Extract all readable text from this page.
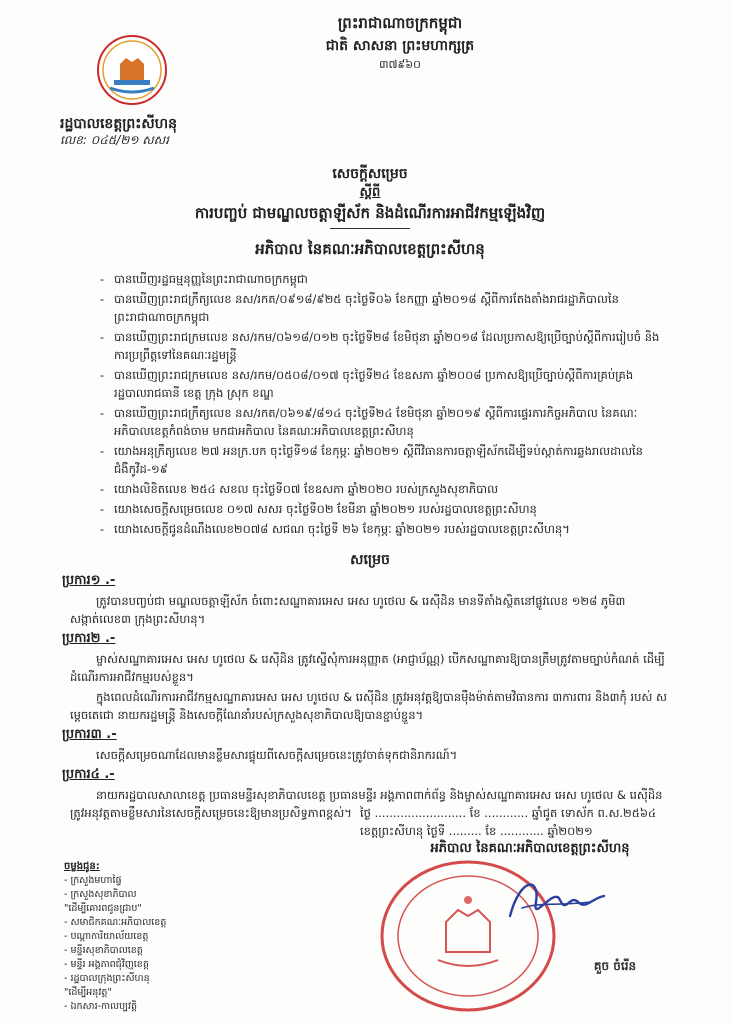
ព្រះរាជាណាចក្រកម្ពុជា
ជាតិ សាសនា ព្រះមហាក្សត្រ
៣៧៩៦០
រដ្ឋបាលខេត្តព្រះសីហនុ
លេខ: ០៤៥/២១ សសរ
សេចក្តីសម្រេច
ស្តីពី
ការបញ្ចប់ ជាមណ្ឌលចត្តាឡីស័ក និងដំណើរការអាជីវកម្មឡើងវិញ
អភិបាល នៃគណៈអភិបាលខេត្តព្រះសីហនុ
- បានឃើញរដ្ឋធម្មនុញ្ញនៃព្រះរាជាណាចក្រកម្ពុជា
- បានឃើញព្រះរាជក្រឹត្យលេខ នស/រកត/០៩១៨/៩២៥ ចុះថ្ងៃទី០៦ ខែកញ្ញា ឆ្នាំ២០១៨ ស្តីពីការតែងតាំងរាជរដ្ឋាភិបាលនៃព្រះរាជាណាចក្រកម្ពុជា
- បានឃើញព្រះរាជក្រមលេខ នស/រកម/០៦១៨/០១២ ចុះថ្ងៃទី២៨ ខែមិថុនា ឆ្នាំ២០១៨ ដែលប្រកាសឱ្យប្រើច្បាប់ស្តីពីការរៀបចំ និងការប្រព្រឹត្តទៅនៃគណៈរដ្ឋមន្ត្រី
- បានឃើញព្រះរាជក្រមលេខ នស/រកម/០៥០៨/០១៧ ចុះថ្ងៃទី២៤ ខែឧសភា ឆ្នាំ២០០៨ ប្រកាសឱ្យប្រើច្បាប់ស្តីពីការគ្រប់គ្រងរដ្ឋបាលរាជធានី ខេត្ត ក្រុង ស្រុក ខណ្ឌ
- បានឃើញព្រះរាជក្រឹត្យលេខ នស/រកត/០៦១៩/៨១៤ ចុះថ្ងៃទី២៤ ខែមិថុនា ឆ្នាំ២០១៩ ស្តីពីការផ្ទេរភារកិច្ចអភិបាល នៃគណៈអភិបាលខេត្តកំពង់ចាម មកជាអភិបាល នៃគណៈអភិបាលខេត្តព្រះសីហនុ
- យោងអនុក្រឹត្យលេខ ២៧ អនក្រ.បក ចុះថ្ងៃទី១៨ ខែកុម្ភៈ ឆ្នាំ២០២១ ស្តីពីវិធានការចត្តាឡីស័កដើម្បីទប់ស្កាត់ការឆ្លងរាលដាលនៃជំងឺកូវីដ-១៩
- យោងលិខិតលេខ ២៥៤ សខល ចុះថ្ងៃទី០៧ ខែឧសភា ឆ្នាំ២០២០ របស់ក្រសួងសុខាភិបាល
- យោងសេចក្តីសម្រេចលេខ ០១៧ សសរ ចុះថ្ងៃទី០២ ខែមីនា ឆ្នាំ២០២១ របស់រដ្ឋបាលខេត្តព្រះសីហនុ
- យោងសេចក្តីជូនដំណឹងលេខ២០៧៨ សជណ ចុះថ្ងៃទី ២៦ ខែកុម្ភៈ ឆ្នាំ២០២១ របស់រដ្ឋបាលខេត្តព្រះសីហនុ។
សម្រេច
ប្រការ១ .-
ត្រូវបានបញ្ចប់ជា មណ្ឌលចត្តាឡីស័ក ចំពោះសណ្ឋាគារអេស អេស ហូថេល & រេស៊ីដិន មានទីតាំងស្ថិតនៅផ្លូវលេខ ១២៨ ភូមិ៣ សង្កាត់លេខ៣ ក្រុងព្រះសីហនុ។
ប្រការ២ .-
ម្ចាស់សណ្ឋាគារអេស អេស ហូថេល & រេស៊ីដិន ត្រូវស្នើសុំការអនុញ្ញាត (អាជ្ញាប័ណ្ណ) បើកសណ្ឋាគារឱ្យបានត្រឹមត្រូវតាមច្បាប់កំណត់ ដើម្បីដំណើរការអាជីវកម្មរបស់ខ្លួន។
ក្នុងពេលដំណើរការអាជីវកម្មសណ្ឋាគារអេស អេស ហូថេល & រេស៊ីដិន ត្រូវអនុវត្តឱ្យបានម៉ឺងម៉ាត់តាមវិធានការ ៣ការពារ និង៣កុំ របស់ សម្តេចតេជោ នាយករដ្ឋមន្ត្រី និងសេចក្តីណែនាំរបស់ក្រសួងសុខាភិបាលឱ្យបានខ្ជាប់ខ្ជួន។
ប្រការ៣ .-
សេចក្តីសម្រេចណាដែលមានខ្លឹមសារផ្ទុយពីសេចក្តីសម្រេចនេះត្រូវចាត់ទុកជានិរាករណ៍។
ប្រការ៤ .-
នាយករដ្ឋបាលសាលាខេត្ត ប្រធានមន្ទីរសុខាភិបាលខេត្ត ប្រធានមន្ទីរ អង្គភាពពាក់ព័ន្ធ និងម្ចាស់សណ្ឋាគារអេស អេស ហូថេល & រេស៊ីដិន ត្រូវអនុវត្តតាមខ្លឹមសារនៃសេចក្តីសម្រេចនេះឱ្យមានប្រសិទ្ធភាពខ្ពស់។ ថ្ងៃ ......................... ខែ ............ ឆ្នាំជូត ទោស័ក ព.ស.២៥៦៤
ខេត្តព្រះសីហនុ ថ្ងៃទី ......... ខែ ............ ឆ្នាំ២០២១
អភិបាល នៃគណៈអភិបាលខេត្តព្រះសីហនុ
ចម្លងជូន:
- ក្រសួងមហាផ្ទៃ
- ក្រសួងសុខាភិបាល
"ដើម្បីគោរពជូនជ្រាប"
- សមាជិកគណៈអភិបាលខេត្ត
- បណ្តាការិយាល័យខេត្ត
- មន្ទីរសុខាភិបាលខេត្ត
- មន្ទីរ អង្គភាពជុំវិញខេត្ត
- រដ្ឋបាលក្រុងព្រះសីហនុ
"ដើម្បីអនុវត្ត"
- ឯកសារ-កាលប្បវត្តិ
គួច ចំរើន
